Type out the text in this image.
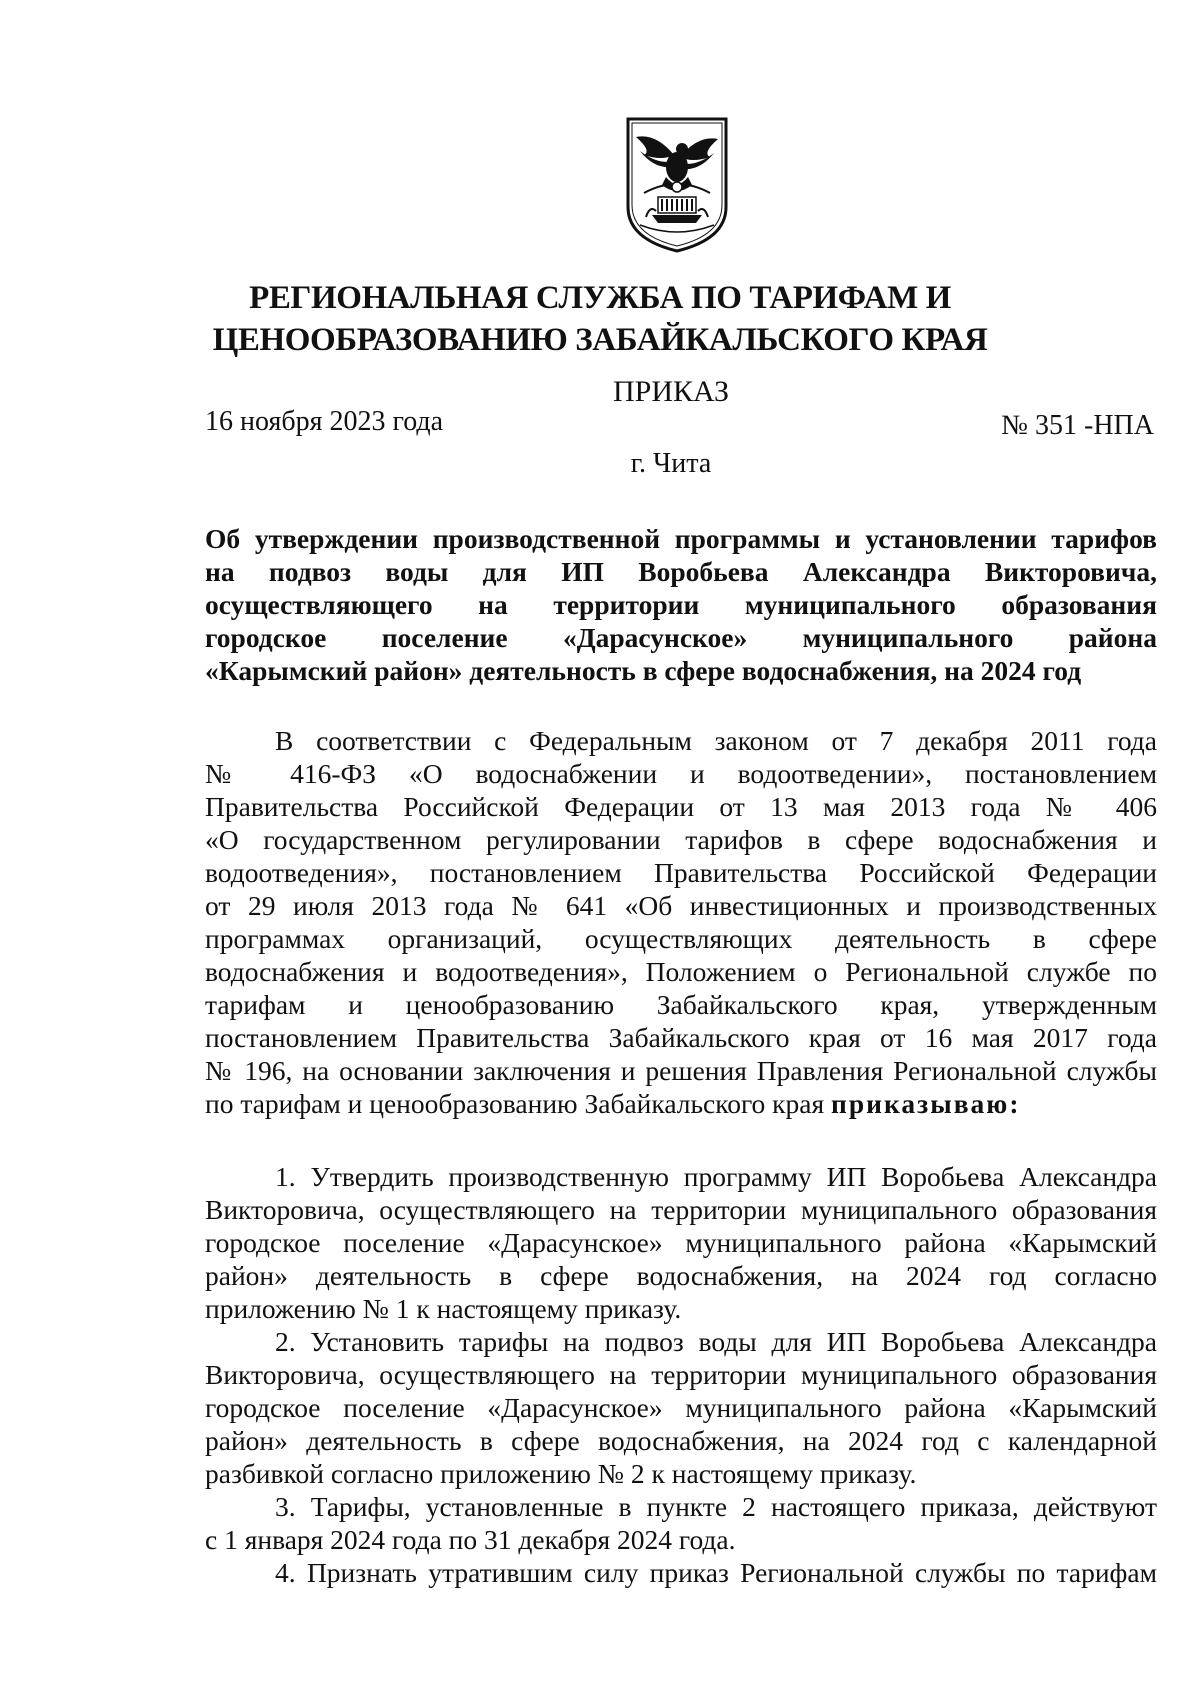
РЕГИОНАЛЬНАЯ СЛУЖБА ПО ТАРИФАМ И
ЦЕНООБРАЗОВАНИЮ ЗАБАЙКАЛЬСКОГО КРАЯ
ПРИКАЗ
16 ноября 2023 года	№ 351 -НПА
г. Чита
Об утверждении производственной программы и установлении тарифов
на подвоз воды для ИП Воробьева Александра Викторовича,
осуществляющего на территории муниципального образования
городское поселение «Дарасунское» муниципального района
«Карымский район» деятельность в сфере водоснабжения, на 2024 год
В соответствии с Федеральным законом от 7 декабря 2011 года
№ 416-ФЗ «О водоснабжении и водоотведении», постановлением
Правительства Российской Федерации от 13 мая 2013 года № 406
«О государственном регулировании тарифов в сфере водоснабжения и
водоотведения», постановлением Правительства Российской Федерации
от 29 июля 2013 года № 641 «Об инвестиционных и производственных
программах организаций, осуществляющих деятельность в сфере
водоснабжения и водоотведения», Положением о Региональной службе по
тарифам и ценообразованию Забайкальского края, утвержденным
постановлением Правительства Забайкальского края от 16 мая 2017 года
№ 196, на основании заключения и решения Правления Региональной службы
по тарифам и ценообразованию Забайкальского края приказываю:
1. Утвердить производственную программу ИП Воробьева Александра
Викторовича, осуществляющего на территории муниципального образования
городское поселение «Дарасунское» муниципального района «Карымский
район» деятельность в сфере водоснабжения, на 2024 год согласно
приложению № 1 к настоящему приказу.
2. Установить тарифы на подвоз воды для ИП Воробьева Александра
Викторовича, осуществляющего на территории муниципального образования
городское поселение «Дарасунское» муниципального района «Карымский
район» деятельность в сфере водоснабжения, на 2024 год с календарной
разбивкой согласно приложению № 2 к настоящему приказу.
3. Тарифы, установленные в пункте 2 настоящего приказа, действуют
с 1 января 2024 года по 31 декабря 2024 года.
4. Признать утратившим силу приказ Региональной службы по тарифам
